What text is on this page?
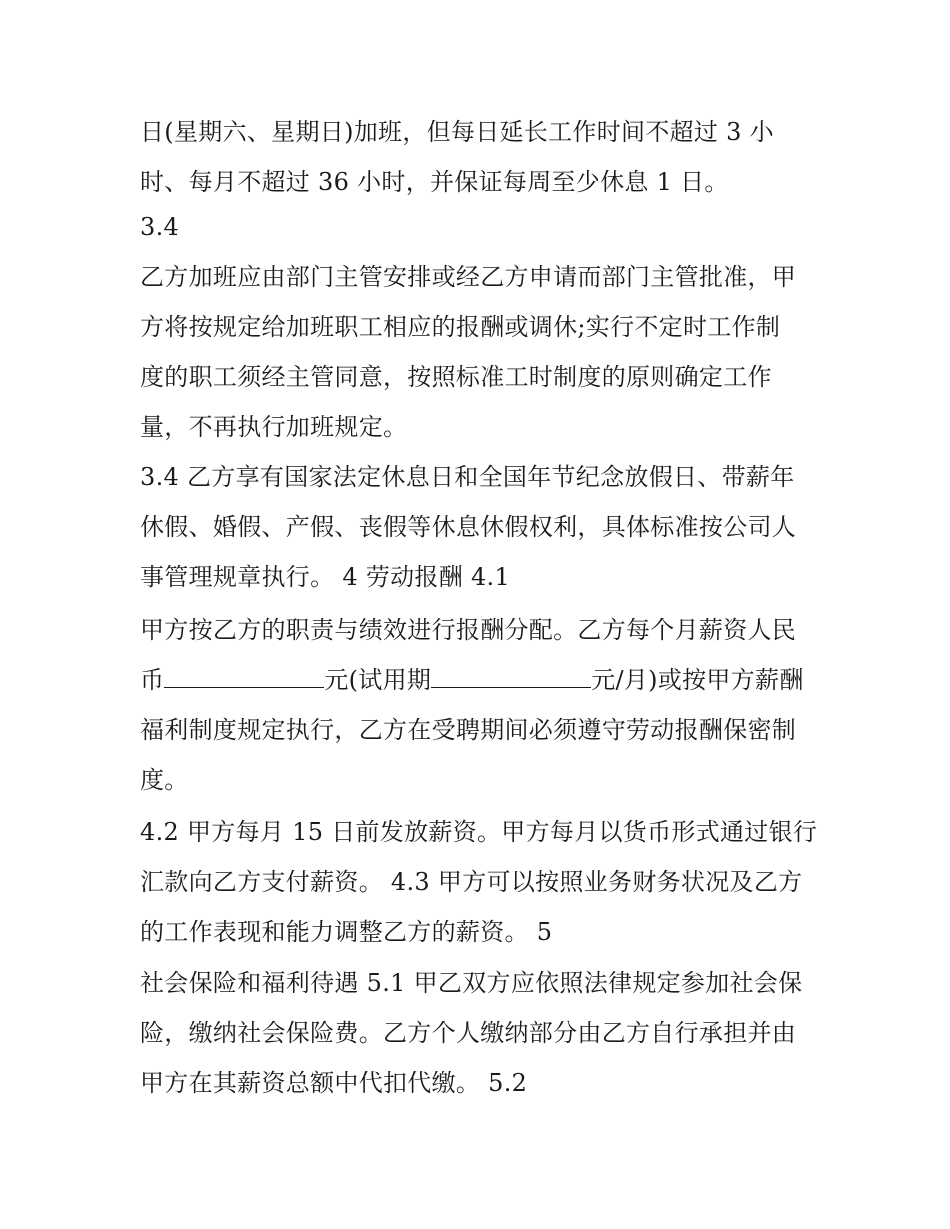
日(星期六、星期日)加班，但每日延长工作时间不超过 3 小
时、每月不超过 36 小时，并保证每周至少休息 1 日。
3.4
乙方加班应由部门主管安排或经乙方申请而部门主管批准，甲
方将按规定给加班职工相应的报酬或调休;实行不定时工作制
度的职工须经主管同意，按照标准工时制度的原则确定工作
量，不再执行加班规定。
3.4 乙方享有国家法定休息日和全国年节纪念放假日、带薪年
休假、婚假、产假、丧假等休息休假权利，具体标准按公司人
事管理规章执行。 4 劳动报酬 4.1
甲方按乙方的职责与绩效进行报酬分配。乙方每个月薪资人民
币	元(试用期	元/月)或按甲方薪酬
福利制度规定执行，乙方在受聘期间必须遵守劳动报酬保密制
度。
4.2 甲方每月 15 日前发放薪资。甲方每月以货币形式通过银行
汇款向乙方支付薪资。 4.3 甲方可以按照业务财务状况及乙方
的工作表现和能力调整乙方的薪资。 5
社会保险和福利待遇 5.1 甲乙双方应依照法律规定参加社会保
险，缴纳社会保险费。乙方个人缴纳部分由乙方自行承担并由
甲方在其薪资总额中代扣代缴。 5.2
